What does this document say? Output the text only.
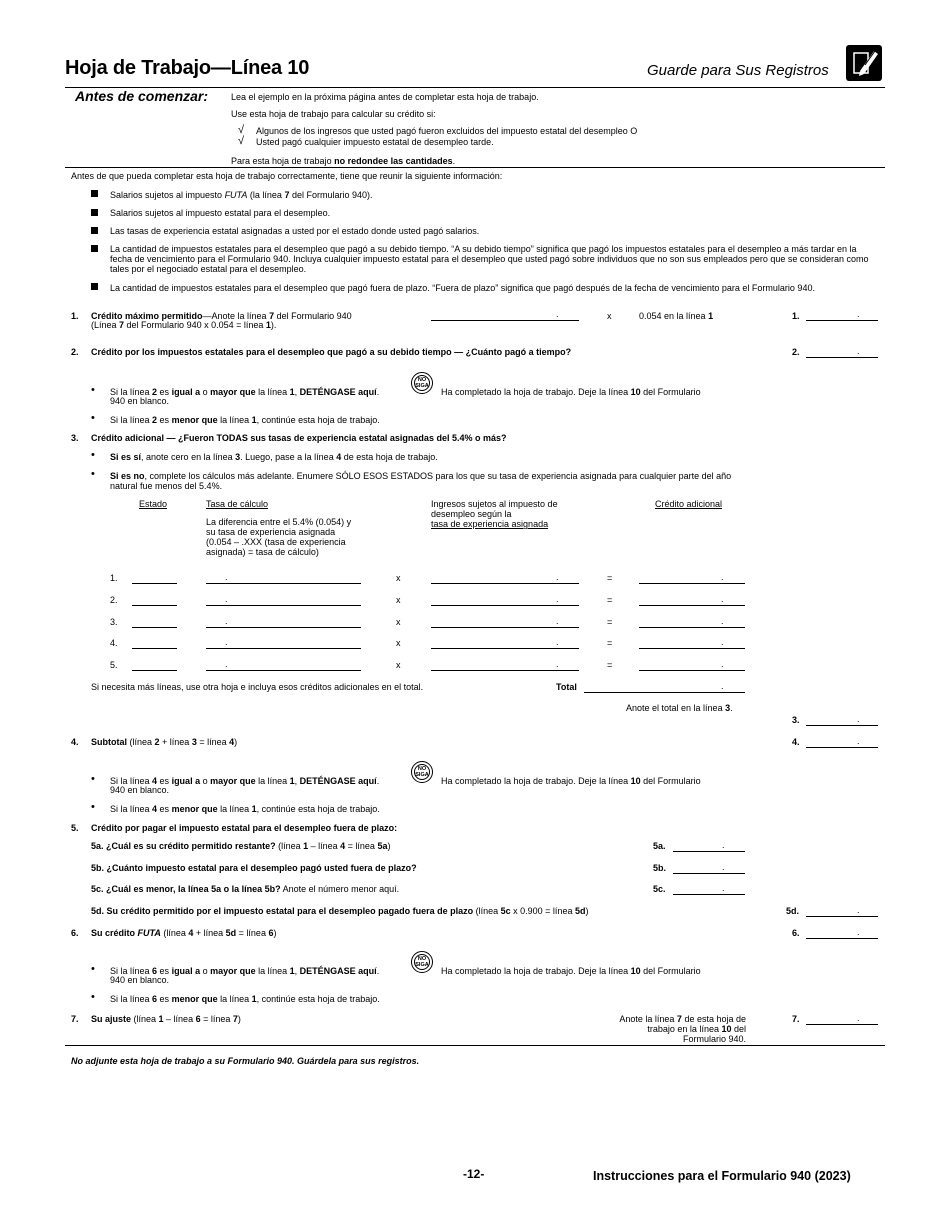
Hoja de Trabajo—Línea 10	Guarde para Sus Registros
Antes de comenzar:	Lea el ejemplo en la próxima página antes de completar esta hoja de trabajo.
Use esta hoja de trabajo para calcular su crédito si:
√ Algunos de los ingresos que usted pagó fueron excluidos del impuesto estatal del desempleo O
√ Usted pagó cualquier impuesto estatal de desempleo tarde.
Para esta hoja de trabajo no redondee las cantidades.
Antes de que pueda completar esta hoja de trabajo correctamente, tiene que reunir la siguiente información:
Salarios sujetos al impuesto FUTA (la línea 7 del Formulario 940).
Salarios sujetos al impuesto estatal para el desempleo.
Las tasas de experiencia estatal asignadas a usted por el estado donde usted pagó salarios.
La cantidad de impuestos estatales para el desempleo que pagó a su debido tiempo. “A su debido tiempo” significa que pagó los impuestos estatales para el desempleo a más tardar en la fecha de vencimiento para el Formulario 940. Incluya cualquier impuesto estatal para el desempleo que usted pagó sobre individuos que no son sus empleados pero que se consideran como tales por el negociado estatal para el desempleo.
La cantidad de impuestos estatales para el desempleo que pagó fuera de plazo. “Fuera de plazo” significa que pagó después de la fecha de vencimiento para el Formulario 940.
1. Crédito máximo permitido—Anote la línea 7 del Formulario 940
(Línea 7 del Formulario 940 x 0.054 = línea 1).
.	x	0.054 en la línea 1	1.	.
2. Crédito por los impuestos estatales para el desempleo que pagó a su debido tiempo — ¿Cuánto pagó a tiempo?	2.	.
• Si la línea 2 es igual a o mayor que la línea 1, DETÉNGASE aquí.
NO
SIGA
Ha completado la hoja de trabajo. Deje la línea 10 del Formulario
940 en blanco.
• Si la línea 2 es menor que la línea 1, continúe esta hoja de trabajo.
3. Crédito adicional — ¿Fueron TODAS sus tasas de experiencia estatal asignadas del 5.4% o más?
• Si es sí, anote cero en la línea 3. Luego, pase a la línea 4 de esta hoja de trabajo.
• Si es no, complete los cálculos más adelante. Enumere SÓLO ESOS ESTADOS para los que su tasa de experiencia asignada para cualquier parte del año natural fue menos del 5.4%.
Estado	Tasa de cálculo
La diferencia entre el 5.4% (0.054) y su tasa de experiencia asignada (0.054 – .XXX (tasa de experiencia asignada) = tasa de cálculo)
Ingresos sujetos al impuesto de desempleo según la
tasa de experiencia asignada
Crédito adicional
1.	.	x	.	=	.
2.	.	x	.	=	.
3.	.	x	.	=	.
4.	.	x	.	=	.
5.	.	x	.	=	.
Si necesita más líneas, use otra hoja e incluya esos créditos adicionales en el total.	Total	.
Anote el total en la línea 3.
3.	.
4. Subtotal (línea 2 + línea 3 = línea 4)	4.	.
• Si la línea 4 es igual a o mayor que la línea 1, DETÉNGASE aquí.
NO
SIGA
Ha completado la hoja de trabajo. Deje la línea 10 del Formulario
940 en blanco.
• Si la línea 4 es menor que la línea 1, continúe esta hoja de trabajo.
5. Crédito por pagar el impuesto estatal para el desempleo fuera de plazo:
5a. ¿Cuál es su crédito permitido restante? (línea 1 – línea 4 = línea 5a)	5a.	.
5b. ¿Cuánto impuesto estatal para el desempleo pagó usted fuera de plazo?	5b.	.
5c. ¿Cuál es menor, la línea 5a o la línea 5b? Anote el número menor aquí.	5c.	.
5d. Su crédito permitido por el impuesto estatal para el desempleo pagado fuera de plazo (línea 5c x 0.900 = línea 5d)	5d.	.
6. Su crédito FUTA (línea 4 + línea 5d = línea 6)	6.	.
• Si la línea 6 es igual a o mayor que la línea 1, DETÉNGASE aquí.
NO
SIGA
Ha completado la hoja de trabajo. Deje la línea 10 del Formulario
940 en blanco.
• Si la línea 6 es menor que la línea 1, continúe esta hoja de trabajo.
7. Su ajuste (línea 1 – línea 6 = línea 7)	Anote la línea 7 de esta hoja de
trabajo en la línea 10 del
Formulario 940.
7.	.
No adjunte esta hoja de trabajo a su Formulario 940. Guárdela para sus registros.
-12-	Instrucciones para el Formulario 940 (2023)
